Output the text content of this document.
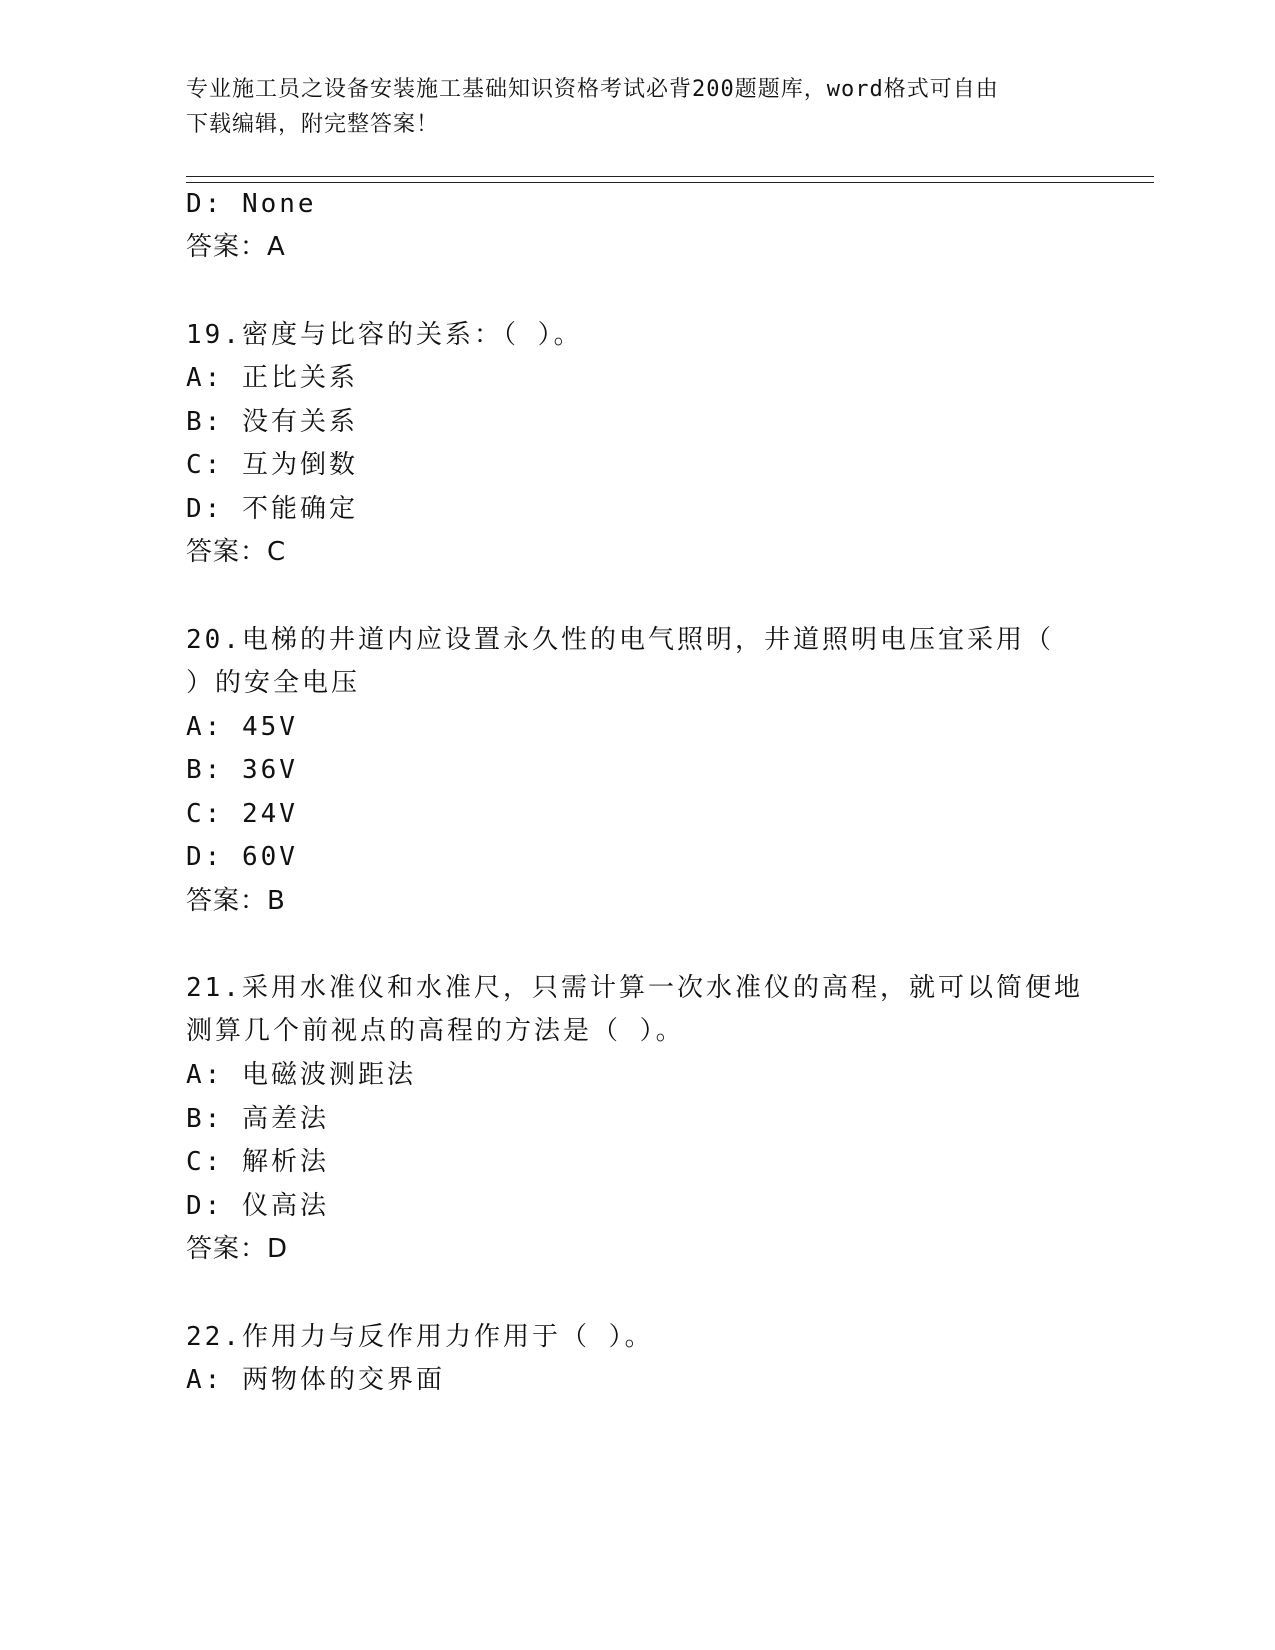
专业施工员之设备安装施工基础知识资格考试必背200题题库，word格式可自由
下载编辑，附完整答案！
D: None
答案：A
19.密度与比容的关系：（ ）。
A: 正比关系
B: 没有关系
C: 互为倒数
D: 不能确定
答案：C
20.电梯的井道内应设置永久性的电气照明，井道照明电压宜采用（
）的安全电压
A: 45V
B: 36V
C: 24V
D: 60V
答案：B
21.采用水准仪和水准尺，只需计算一次水准仪的高程，就可以简便地
测算几个前视点的高程的方法是（ ）。
A: 电磁波测距法
B: 高差法
C: 解析法
D: 仪高法
答案：D
22.作用力与反作用力作用于（ ）。
A: 两物体的交界面
